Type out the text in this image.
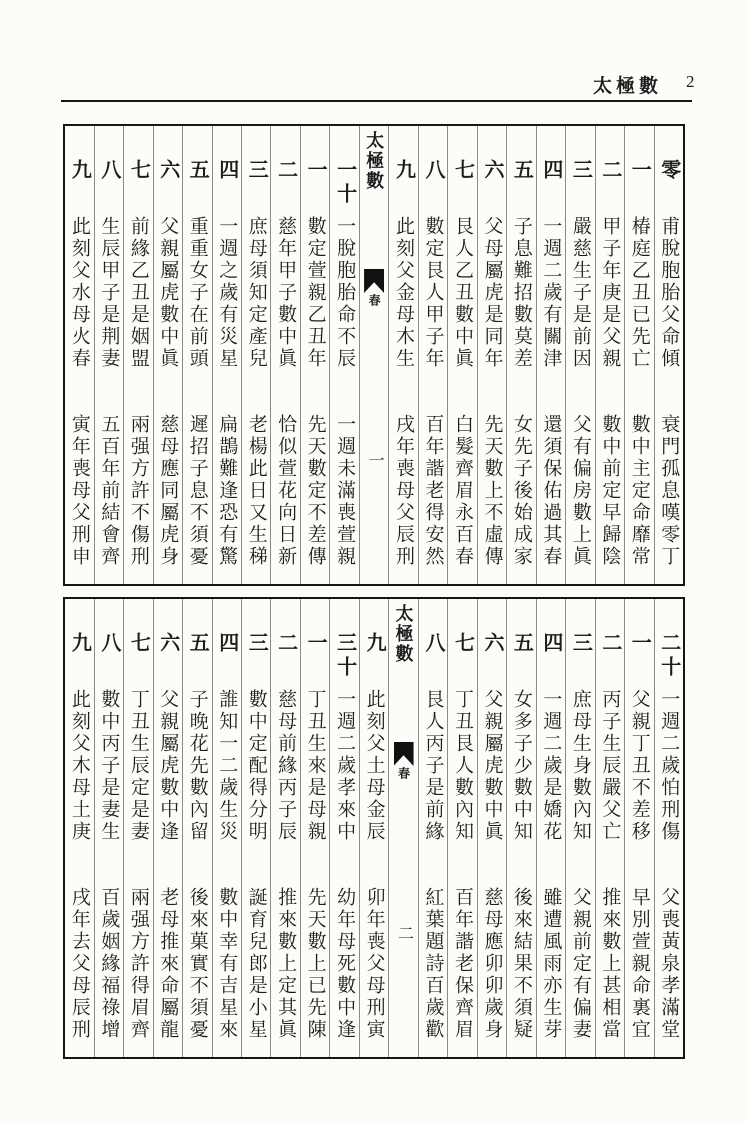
太極數 2
零
甫脫胞胎父命傾
衰門孤息嘆零丁
一
椿庭乙丑已先亡
數中主定命靡常
二
甲子年庚是父親
數中前定早歸陰
三
嚴慈生子是前因
父有偏房數上眞
四
一週二歲有關津
還須保佑過其春
五
子息難招數莫差
女先子後始成家
六
父母屬虎是同年
先天數上不虛傳
七
艮人乙丑數中眞
白髮齊眉永百春
八
數定艮人甲子年
百年諧老得安然
九
此刻父金母木生
戌年喪母父辰刑
太極數
春
一
一十
一脫胞胎命不辰
一週未滿喪萱親
一
數定萱親乙丑年
先天數定不差傳
二
慈年甲子數中眞
恰似萱花向日新
三
庶母須知定產兒
老楊此日又生稊
四
一週之歲有災星
扁鵲難逢恐有驚
五
重重女子在前頭
遲招子息不須憂
六
父親屬虎數中眞
慈母應同屬虎身
七
前緣乙丑是姻盟
兩强方許不傷刑
八
生辰甲子是荆妻
五百年前結會齊
九
此刻父水母火春
寅年喪母父刑申
二十
一週二歲怕刑傷
父喪黃泉孝滿堂
一
父親丁丑不差移
早別萱親命裏宜
二
丙子生辰嚴父亡
推來數上甚相當
三
庶母生身數內知
父親前定有偏妻
四
一週二歲是嬌花
雖遭風雨亦生芽
五
女多子少數中知
後來結果不須疑
六
父親屬虎數中眞
慈母應卯卯歲身
七
丁丑艮人數內知
百年諧老保齊眉
八
艮人丙子是前緣
紅葉題詩百歲歡
太極數
春
二
九
此刻父土母金辰
卯年喪父母刑寅
三十
一週二歲孝來中
幼年母死數中逢
一
丁丑生來是母親
先天數上已先陳
二
慈母前緣丙子辰
推來數上定其眞
三
數中定配得分明
誕育兒郎是小星
四
誰知一二歲生災
數中幸有吉星來
五
子晚花先數內留
後來菓實不須憂
六
父親屬虎數中逢
老母推來命屬龍
七
丁丑生辰定是妻
兩强方許得眉齊
八
數中丙子是妻生
百歲姻緣福祿增
九
此刻父木母土庚
戌年去父母辰刑
